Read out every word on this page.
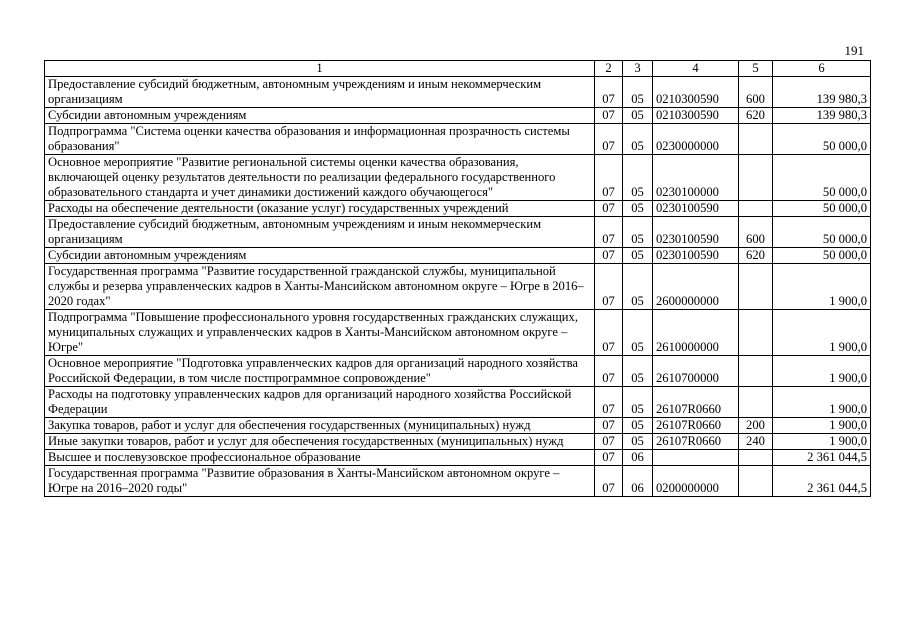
191
1	2	3	4	5	6
Предоставление субсидий бюджетным, автономным учреждениям и иным некоммерческим организациям	07	05	0210300590	600	139 980,3
Субсидии автономным учреждениям	07	05	0210300590	620	139 980,3
Подпрограмма "Система оценки качества образования и информационная прозрачность системы образования"	07	05	0230000000		50 000,0
Основное мероприятие "Развитие региональной системы оценки качества образования, включающей оценку результатов деятельности по реализации федерального государственного образовательного стандарта и учет динамики достижений каждого обучающегося"	07	05	0230100000		50 000,0
Расходы на обеспечение деятельности (оказание услуг) государственных учреждений	07	05	0230100590		50 000,0
Предоставление субсидий бюджетным, автономным учреждениям и иным некоммерческим организациям	07	05	0230100590	600	50 000,0
Субсидии автономным учреждениям	07	05	0230100590	620	50 000,0
Государственная программа "Развитие государственной гражданской службы, муниципальной службы и резерва управленческих кадров в Ханты-Мансийском автономном округе – Югре в 2016–2020 годах"	07	05	2600000000		1 900,0
Подпрограмма "Повышение профессионального уровня государственных гражданских служащих, муниципальных служащих и управленческих кадров в Ханты-Мансийском автономном округе – Югре"	07	05	2610000000		1 900,0
Основное мероприятие "Подготовка управленческих кадров для организаций народного хозяйства Российской Федерации, в том числе постпрограммное сопровождение"	07	05	2610700000		1 900,0
Расходы на подготовку управленческих кадров для организаций народного хозяйства Российской Федерации	07	05	26107R0660		1 900,0
Закупка товаров, работ и услуг для обеспечения государственных (муниципальных) нужд	07	05	26107R0660	200	1 900,0
Иные закупки товаров, работ и услуг для обеспечения государственных (муниципальных) нужд	07	05	26107R0660	240	1 900,0
Высшее и послевузовское профессиональное образование	07	06			2 361 044,5
Государственная программа "Развитие образования в Ханты-Мансийском автономном округе – Югре на 2016–2020 годы"	07	06	0200000000		2 361 044,5
